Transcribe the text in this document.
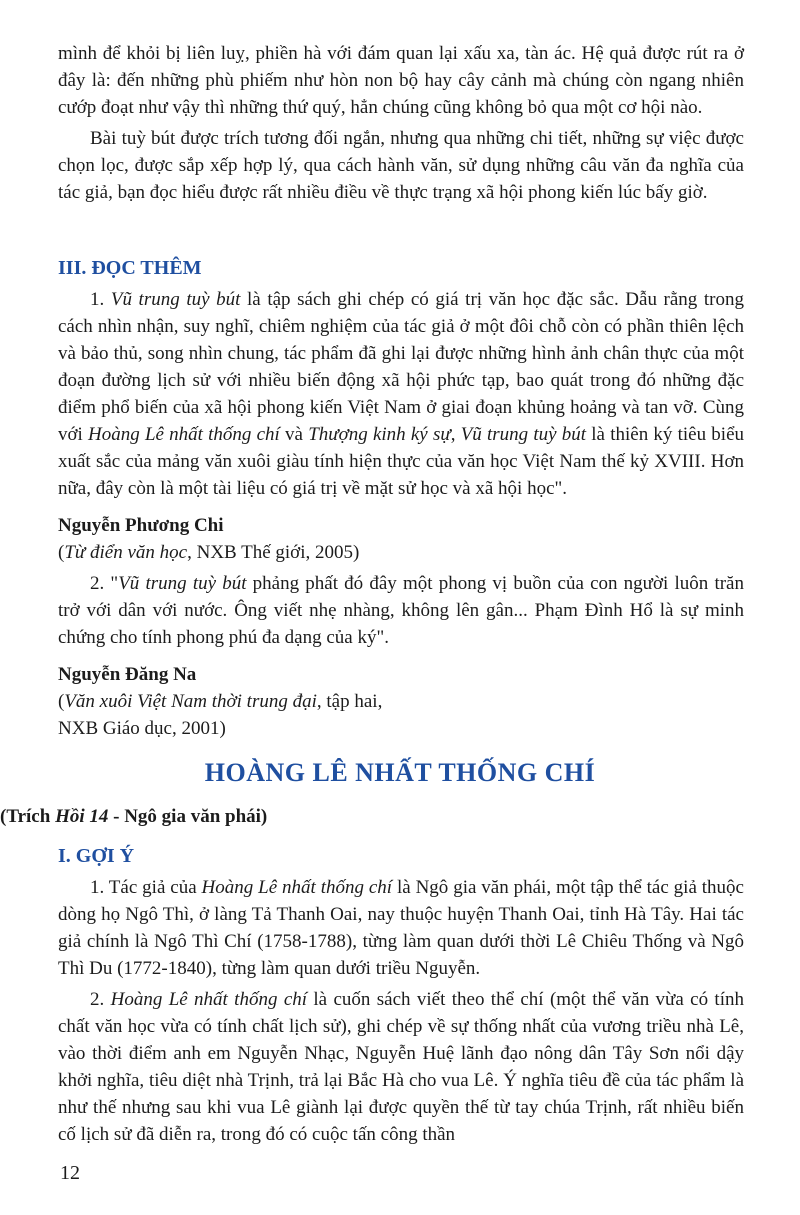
mình để khỏi bị liên luỵ, phiền hà với đám quan lại xấu xa, tàn ác. Hệ quả được rút ra ở đây là: đến những phù phiếm như hòn non bộ hay cây cảnh mà chúng còn ngang nhiên cướp đoạt như vậy thì những thứ quý, hẳn chúng cũng không bỏ qua một cơ hội nào.

Bài tuỳ bút được trích tương đối ngắn, nhưng qua những chi tiết, những sự việc được chọn lọc, được sắp xếp hợp lý, qua cách hành văn, sử dụng những câu văn đa nghĩa của tác giả, bạn đọc hiểu được rất nhiều điều về thực trạng xã hội phong kiến lúc bấy giờ.

III. ĐỌC THÊM

1. Vũ trung tuỳ bút là tập sách ghi chép có giá trị văn học đặc sắc. Dẫu rằng trong cách nhìn nhận, suy nghĩ, chiêm nghiệm của tác giả ở một đôi chỗ còn có phần thiên lệch và bảo thủ, song nhìn chung, tác phẩm đã ghi lại được những hình ảnh chân thực của một đoạn đường lịch sử với nhiều biến động xã hội phức tạp, bao quát trong đó những đặc điểm phổ biến của xã hội phong kiến Việt Nam ở giai đoạn khủng hoảng và tan vỡ. Cùng với Hoàng Lê nhất thống chí và Thượng kinh ký sự, Vũ trung tuỳ bút là thiên ký tiêu biểu xuất sắc của mảng văn xuôi giàu tính hiện thực của văn học Việt Nam thế kỷ XVIII. Hơn nữa, đây còn là một tài liệu có giá trị về mặt sử học và xã hội học".

Nguyễn Phương Chi

(Từ điển văn học, NXB Thế giới, 2005)

2. "Vũ trung tuỳ bút phảng phất đó đây một phong vị buồn của con người luôn trăn trở với dân với nước. Ông viết nhẹ nhàng, không lên gân... Phạm Đình Hổ là sự minh chứng cho tính phong phú đa dạng của ký".

Nguyễn Đăng Na

(Văn xuôi Việt Nam thời trung đại, tập hai,

NXB Giáo dục, 2001)

HOÀNG LÊ NHẤT THỐNG CHÍ

(Trích Hồi 14 - Ngô gia văn phái)

I. GỢI Ý

1. Tác giả của Hoàng Lê nhất thống chí là Ngô gia văn phái, một tập thể tác giả thuộc dòng họ Ngô Thì, ở làng Tả Thanh Oai, nay thuộc huyện Thanh Oai, tỉnh Hà Tây. Hai tác giả chính là Ngô Thì Chí (1758-1788), từng làm quan dưới thời Lê Chiêu Thống và Ngô Thì Du (1772-1840), từng làm quan dưới triều Nguyễn.

2. Hoàng Lê nhất thống chí là cuốn sách viết theo thể chí (một thể văn vừa có tính chất văn học vừa có tính chất lịch sử), ghi chép về sự thống nhất của vương triều nhà Lê, vào thời điểm anh em Nguyễn Nhạc, Nguyễn Huệ lãnh đạo nông dân Tây Sơn nổi dậy khởi nghĩa, tiêu diệt nhà Trịnh, trả lại Bắc Hà cho vua Lê. Ý nghĩa tiêu đề của tác phẩm là như thế nhưng sau khi vua Lê giành lại được quyền thế từ tay chúa Trịnh, rất nhiều biến cố lịch sử đã diễn ra, trong đó có cuộc tấn công thần

12
